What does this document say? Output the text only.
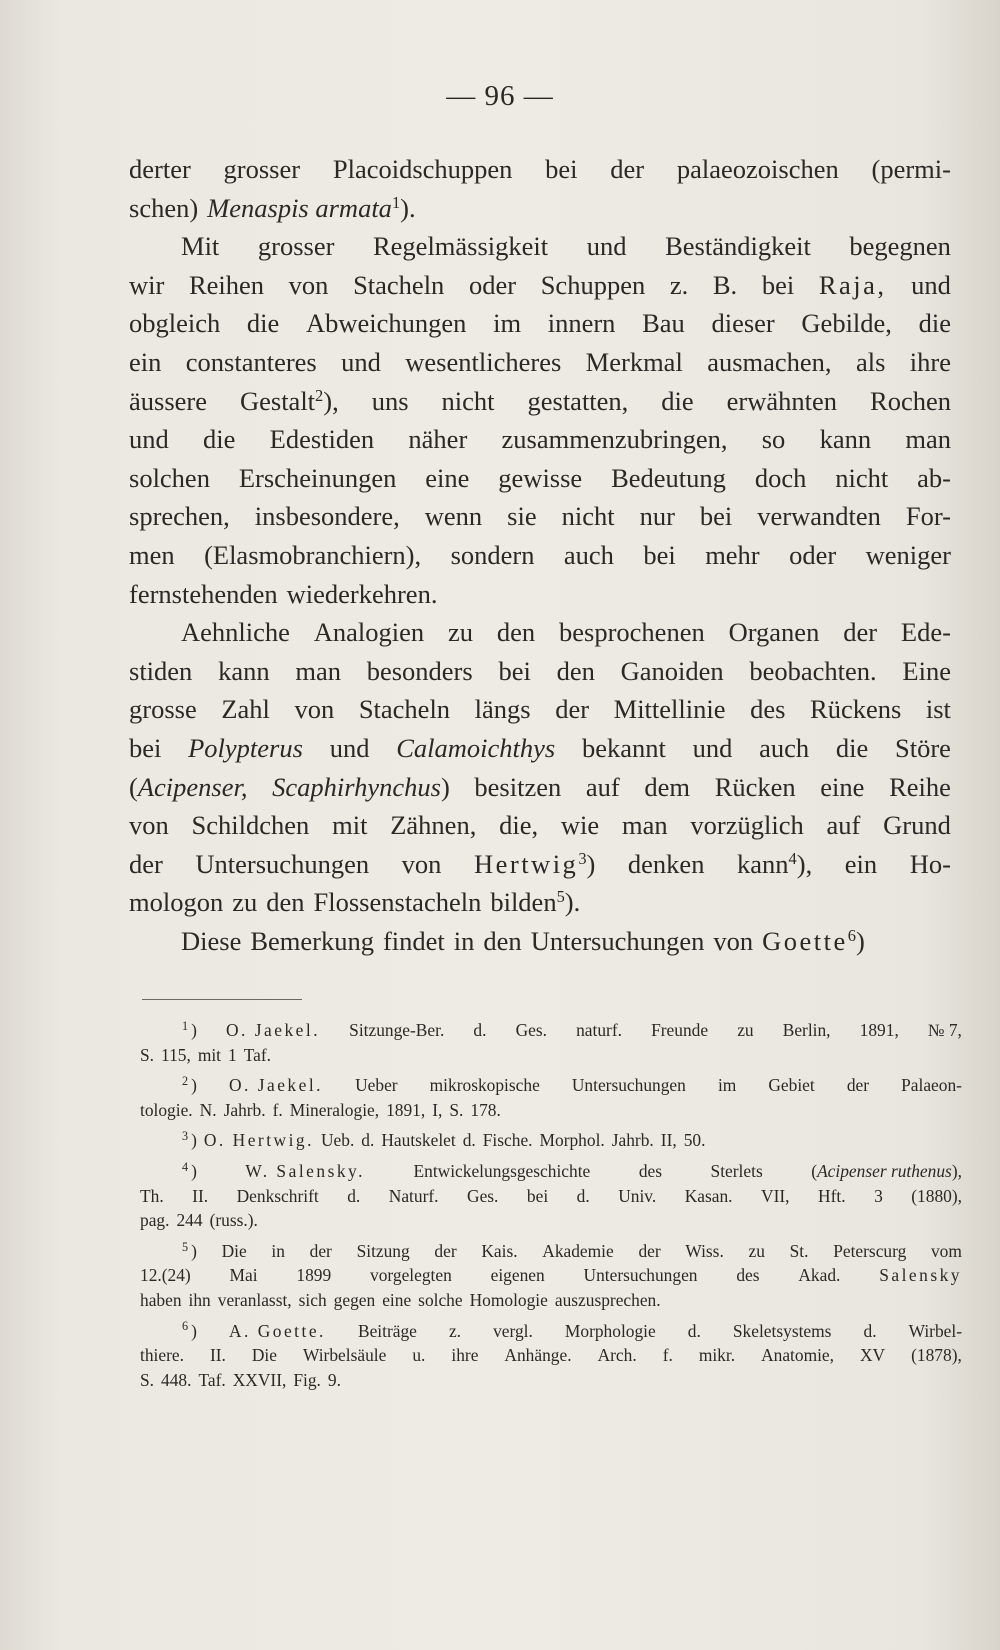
— 96 —
derter grosser Placoidschuppen bei der palaeozoischen (permi-
schen) Menaspis armata$^1$).
Mit grosser Regelmässigkeit und Beständigkeit begegnen
wir Reihen von Stacheln oder Schuppen z. B. bei Raja, und
obgleich die Abweichungen im innern Bau dieser Gebilde, die
ein constanteres und wesentlicheres Merkmal ausmachen, als ihre
äussere Gestalt$^2$), uns nicht gestatten, die erwähnten Rochen
und die Edestiden näher zusammenzubringen, so kann man
solchen Erscheinungen eine gewisse Bedeutung doch nicht ab-
sprechen, insbesondere, wenn sie nicht nur bei verwandten For-
men (Elasmobranchiern), sondern auch bei mehr oder weniger
fernstehenden wiederkehren.
Aehnliche Analogien zu den besprochenen Organen der Ede-
stiden kann man besonders bei den Ganoiden beobachten. Eine
grosse Zahl von Stacheln längs der Mittellinie des Rückens ist
bei Polypterus und Calamoichthys bekannt und auch die Störe
(Acipenser, Scaphirhynchus) besitzen auf dem Rücken eine Reihe
von Schildchen mit Zähnen, die, wie man vorzüglich auf Grund
der Untersuchungen von Hertwig$^3$) denken kann$^4$), ein Ho-
mologon zu den Flossenstacheln bilden$^5$).
Diese Bemerkung findet in den Untersuchungen von Goette$^6$)
$^1$ ) O. Jaekel. Sitzunge-Ber. d. Ges. naturf. Freunde zu Berlin, 1891, № 7,
S. 115, mit 1 Taf.
$^2$ ) O. Jaekel. Ueber mikroskopische Untersuchungen im Gebiet der Palaeon-
tologie. N. Jahrb. f. Mineralogie, 1891, I, S. 178.
$^3$ ) O. Hertwig. Ueb. d. Hautskelet d. Fische. Morphol. Jahrb. II, 50.
$^4$ )	W. Salensky.	Entwickelungsgeschichte	des	Sterlets	(Acipenser ruthenus),
Th. II. Denkschrift d. Naturf. Ges. bei d. Univ. Kasan. VII, Hft. 3 (1880),
pag. 244 (russ.).
$^5$ ) Die in der Sitzung der Kais. Akademie der Wiss. zu St. Peterscurg vom
12.(24) Mai 1899 vorgelegten eigenen Untersuchungen des Akad. Salensky
haben ihn veranlasst, sich gegen eine solche Homologie auszusprechen.
$^6$ ) A. Goette. Beiträge z. vergl. Morphologie d. Skeletsystems d. Wirbel-
thiere. II. Die Wirbelsäule u. ihre Anhänge. Arch. f. mikr. Anatomie, XV (1878),
S. 448. Taf. XXVII, Fig. 9.
